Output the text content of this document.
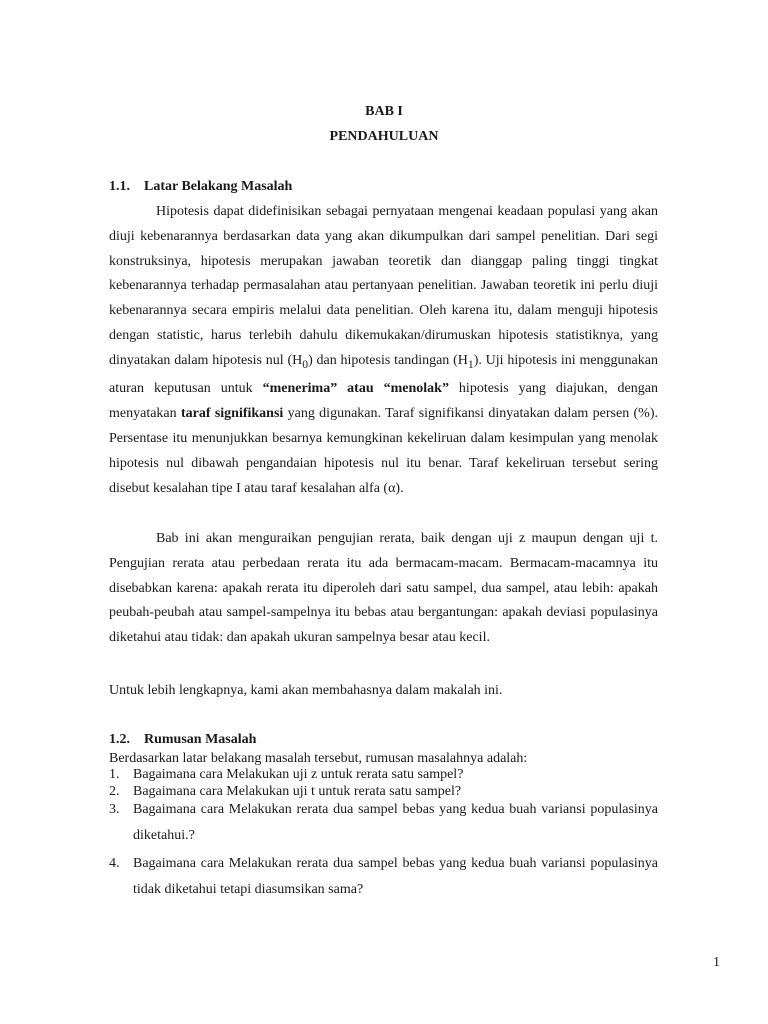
BAB I
PENDAHULUAN
1.1. Latar Belakang Masalah

Hipotesis dapat didefinisikan sebagai pernyataan mengenai keadaan populasi yang akan diuji kebenarannya berdasarkan data yang akan dikumpulkan dari sampel penelitian. Dari segi konstruksinya, hipotesis merupakan jawaban teoretik dan dianggap paling tinggi tingkat kebenarannya terhadap permasalahan atau pertanyaan penelitian. Jawaban teoretik ini perlu diuji kebenarannya secara empiris melalui data penelitian. Oleh karena itu, dalam menguji hipotesis dengan statistic, harus terlebih dahulu dikemukakan/dirumuskan hipotesis statistiknya, yang dinyatakan dalam hipotesis nul $(H_0)$ dan hipotesis tandingan $(H_1)$. Uji hipotesis ini menggunakan aturan keputusan untuk “menerima” atau “menolak” hipotesis yang diajukan, dengan menyatakan taraf signifikansi yang digunakan. Taraf signifikansi dinyatakan dalam persen (%). Persentase itu menunjukkan besarnya kemungkinan kekeliruan dalam kesimpulan yang menolak hipotesis nul dibawah pengandaian hipotesis nul itu benar. Taraf kekeliruan tersebut sering disebut kesalahan tipe I atau taraf kesalahan alfa (α).

Bab ini akan menguraikan pengujian rerata, baik dengan uji z maupun dengan uji t. Pengujian rerata atau perbedaan rerata itu ada bermacam-macam. Bermacam-macamnya itu disebabkan karena: apakah rerata itu diperoleh dari satu sampel, dua sampel, atau lebih: apakah peubah-peubah atau sampel-sampelnya itu bebas atau bergantungan: apakah deviasi populasinya diketahui atau tidak: dan apakah ukuran sampelnya besar atau kecil.

Untuk lebih lengkapnya, kami akan membahasnya dalam makalah ini.

1.2. Rumusan Masalah

Berdasarkan latar belakang masalah tersebut, rumusan masalahnya adalah:

1. Bagaimana cara Melakukan uji z untuk rerata satu sampel?
2. Bagaimana cara Melakukan uji t untuk rerata satu sampel?
3. Bagaimana cara Melakukan rerata dua sampel bebas yang kedua buah variansi populasinya diketahui.?
4. Bagaimana cara Melakukan rerata dua sampel bebas yang kedua buah variansi populasinya tidak diketahui tetapi diasumsikan sama?
1
